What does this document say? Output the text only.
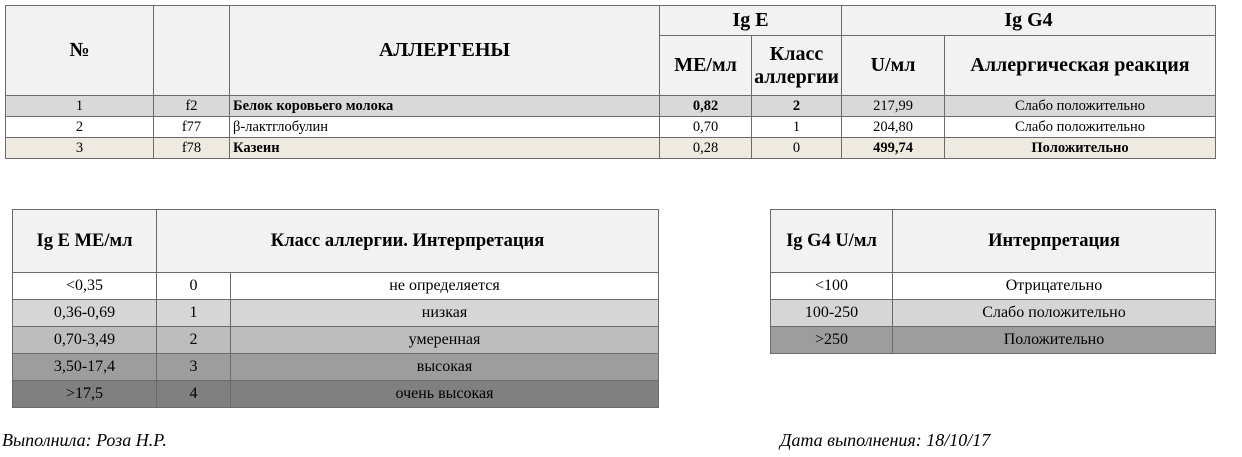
№		АЛЛЕРГЕНЫ	Ig E		Ig G4	
			МЕ/мл	Класс аллергии	U/мл	Аллергическая реакция
1	f2	Белок коровьего молока	0,82	2	217,99	Слабо положительно
2	f77	β-лактглобулин	0,70	1	204,80	Слабо положительно
3	f78	Казеин	0,28	0	499,74	Положительно
Ig E МЕ/мл	Класс аллергии. Интерпретация	
<0,35	0	не определяется
0,36-0,69	1	низкая
0,70-3,49	2	умеренная
3,50-17,4	3	высокая
>17,5	4	очень высокая
Ig G4 U/мл	Интерпретация
<100	Отрицательно
100-250	Слабо положительно
>250	Положительно
Выполнила: Роза Н.Р.	Дата выполнения: 18/10/17
